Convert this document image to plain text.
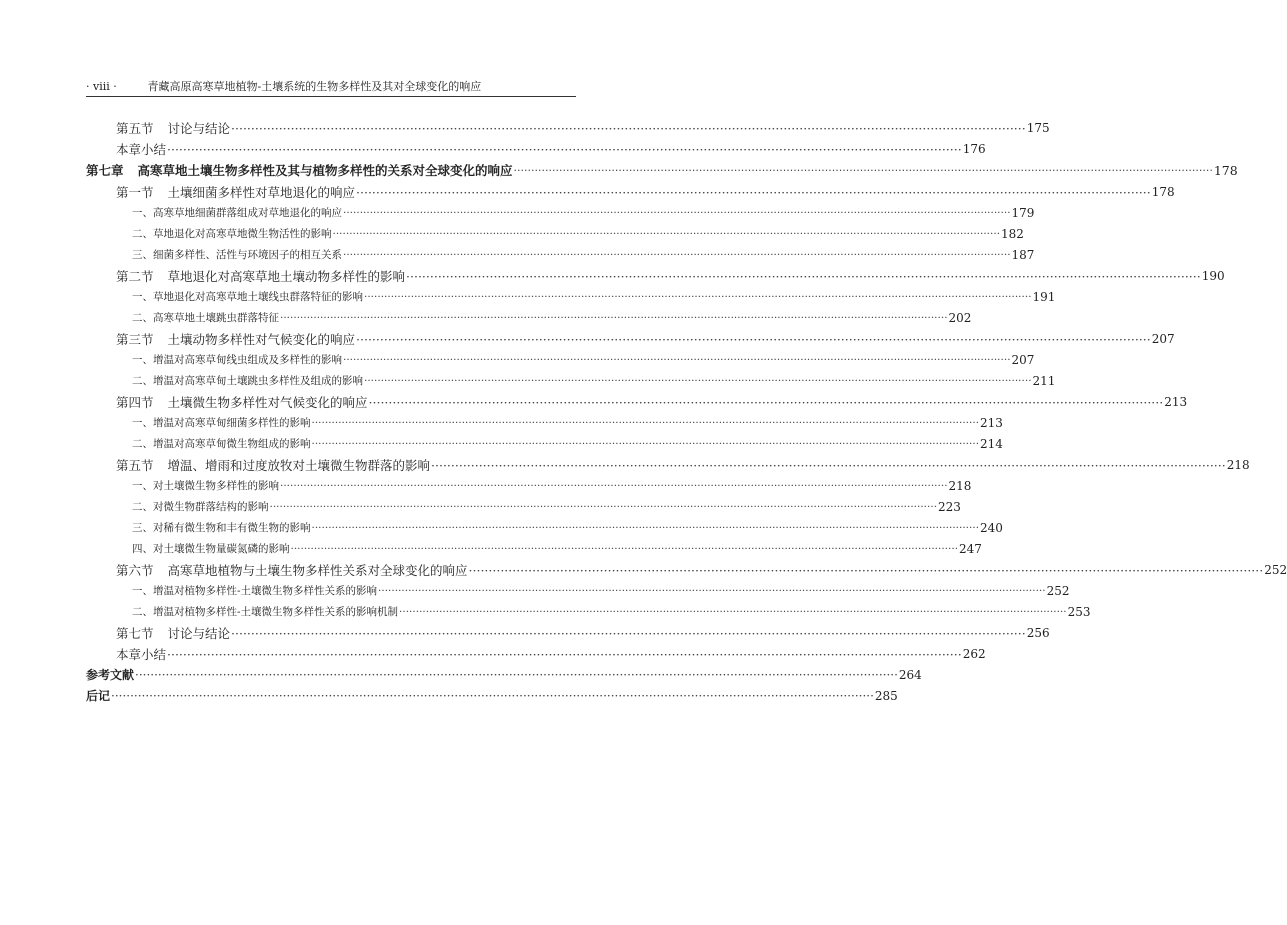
· viii ·	青藏高原高寒草地植物-土壤系统的生物多样性及其对全球变化的响应
第五节 讨论与结论 ········································································································································································································ 175
本章小结 ········································································································································································································ 176
第七章 高寒草地土壤生物多样性及其与植物多样性的关系对全球变化的响应 ········································································································································································································ 178
第一节 土壤细菌多样性对草地退化的响应 ········································································································································································································ 178
一、高寒草地细菌群落组成对草地退化的响应 ········································································································································································································ 179
二、草地退化对高寒草地微生物活性的影响 ········································································································································································································ 182
三、细菌多样性、活性与环境因子的相互关系 ········································································································································································································ 187
第二节 草地退化对高寒草地土壤动物多样性的影响 ········································································································································································································ 190
一、草地退化对高寒草地土壤线虫群落特征的影响 ········································································································································································································ 191
二、高寒草地土壤跳虫群落特征 ········································································································································································································ 202
第三节 土壤动物多样性对气候变化的响应 ········································································································································································································ 207
一、增温对高寒草甸线虫组成及多样性的影响 ········································································································································································································ 207
二、增温对高寒草甸土壤跳虫多样性及组成的影响 ········································································································································································································ 211
第四节 土壤微生物多样性对气候变化的响应 ········································································································································································································ 213
一、增温对高寒草甸细菌多样性的影响 ········································································································································································································ 213
二、增温对高寒草甸微生物组成的影响 ········································································································································································································ 214
第五节 增温、增雨和过度放牧对土壤微生物群落的影响 ········································································································································································································ 218
一、对土壤微生物多样性的影响 ········································································································································································································ 218
二、对微生物群落结构的影响 ········································································································································································································ 223
三、对稀有微生物和丰有微生物的影响 ········································································································································································································ 240
四、对土壤微生物量碳氮磷的影响 ········································································································································································································ 247
第六节 高寒草地植物与土壤生物多样性关系对全球变化的响应 ········································································································································································································ 252
一、增温对植物多样性-土壤微生物多样性关系的影响 ········································································································································································································ 252
二、增温对植物多样性-土壤微生物多样性关系的影响机制 ········································································································································································································ 253
第七节 讨论与结论 ········································································································································································································ 256
本章小结 ········································································································································································································ 262
参考文献 ········································································································································································································ 264
后记 ········································································································································································································ 285
